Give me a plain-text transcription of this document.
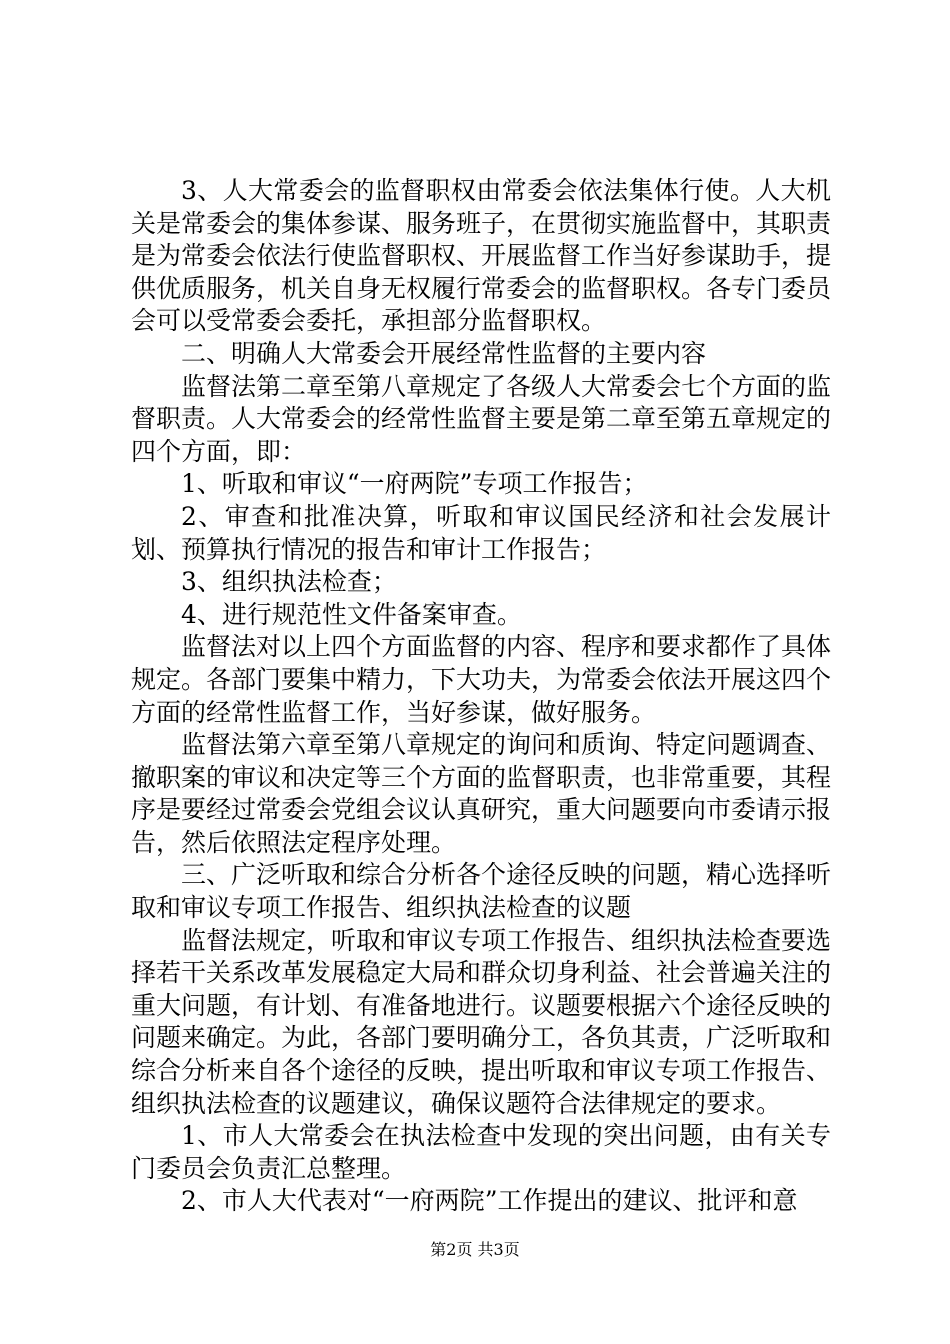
3、人大常委会的监督职权由常委会依法集体行使。人大机关是常委会的集体参谋、服务班子，在贯彻实施监督中，其职责是为常委会依法行使监督职权、开展监督工作当好参谋助手，提供优质服务，机关自身无权履行常委会的监督职权。各专门委员会可以受常委会委托，承担部分监督职权。

二、明确人大常委会开展经常性监督的主要内容

监督法第二章至第八章规定了各级人大常委会七个方面的监督职责。人大常委会的经常性监督主要是第二章至第五章规定的四个方面，即：

1、听取和审议“一府两院”专项工作报告；

2、审查和批准决算，听取和审议国民经济和社会发展计划、预算执行情况的报告和审计工作报告；

3、组织执法检查；

4、进行规范性文件备案审查。

监督法对以上四个方面监督的内容、程序和要求都作了具体规定。各部门要集中精力，下大功夫，为常委会依法开展这四个方面的经常性监督工作，当好参谋，做好服务。

监督法第六章至第八章规定的询问和质询、特定问题调查、撤职案的审议和决定等三个方面的监督职责，也非常重要，其程序是要经过常委会党组会议认真研究，重大问题要向市委请示报告，然后依照法定程序处理。

三、广泛听取和综合分析各个途径反映的问题，精心选择听取和审议专项工作报告、组织执法检查的议题

监督法规定，听取和审议专项工作报告、组织执法检查要选择若干关系改革发展稳定大局和群众切身利益、社会普遍关注的重大问题，有计划、有准备地进行。议题要根据六个途径反映的问题来确定。为此，各部门要明确分工，各负其责，广泛听取和综合分析来自各个途径的反映，提出听取和审议专项工作报告、组织执法检查的议题建议，确保议题符合法律规定的要求。

1、市人大常委会在执法检查中发现的突出问题，由有关专门委员会负责汇总整理。

2、市人大代表对“一府两院”工作提出的建议、批评和意

第2页 共3页
